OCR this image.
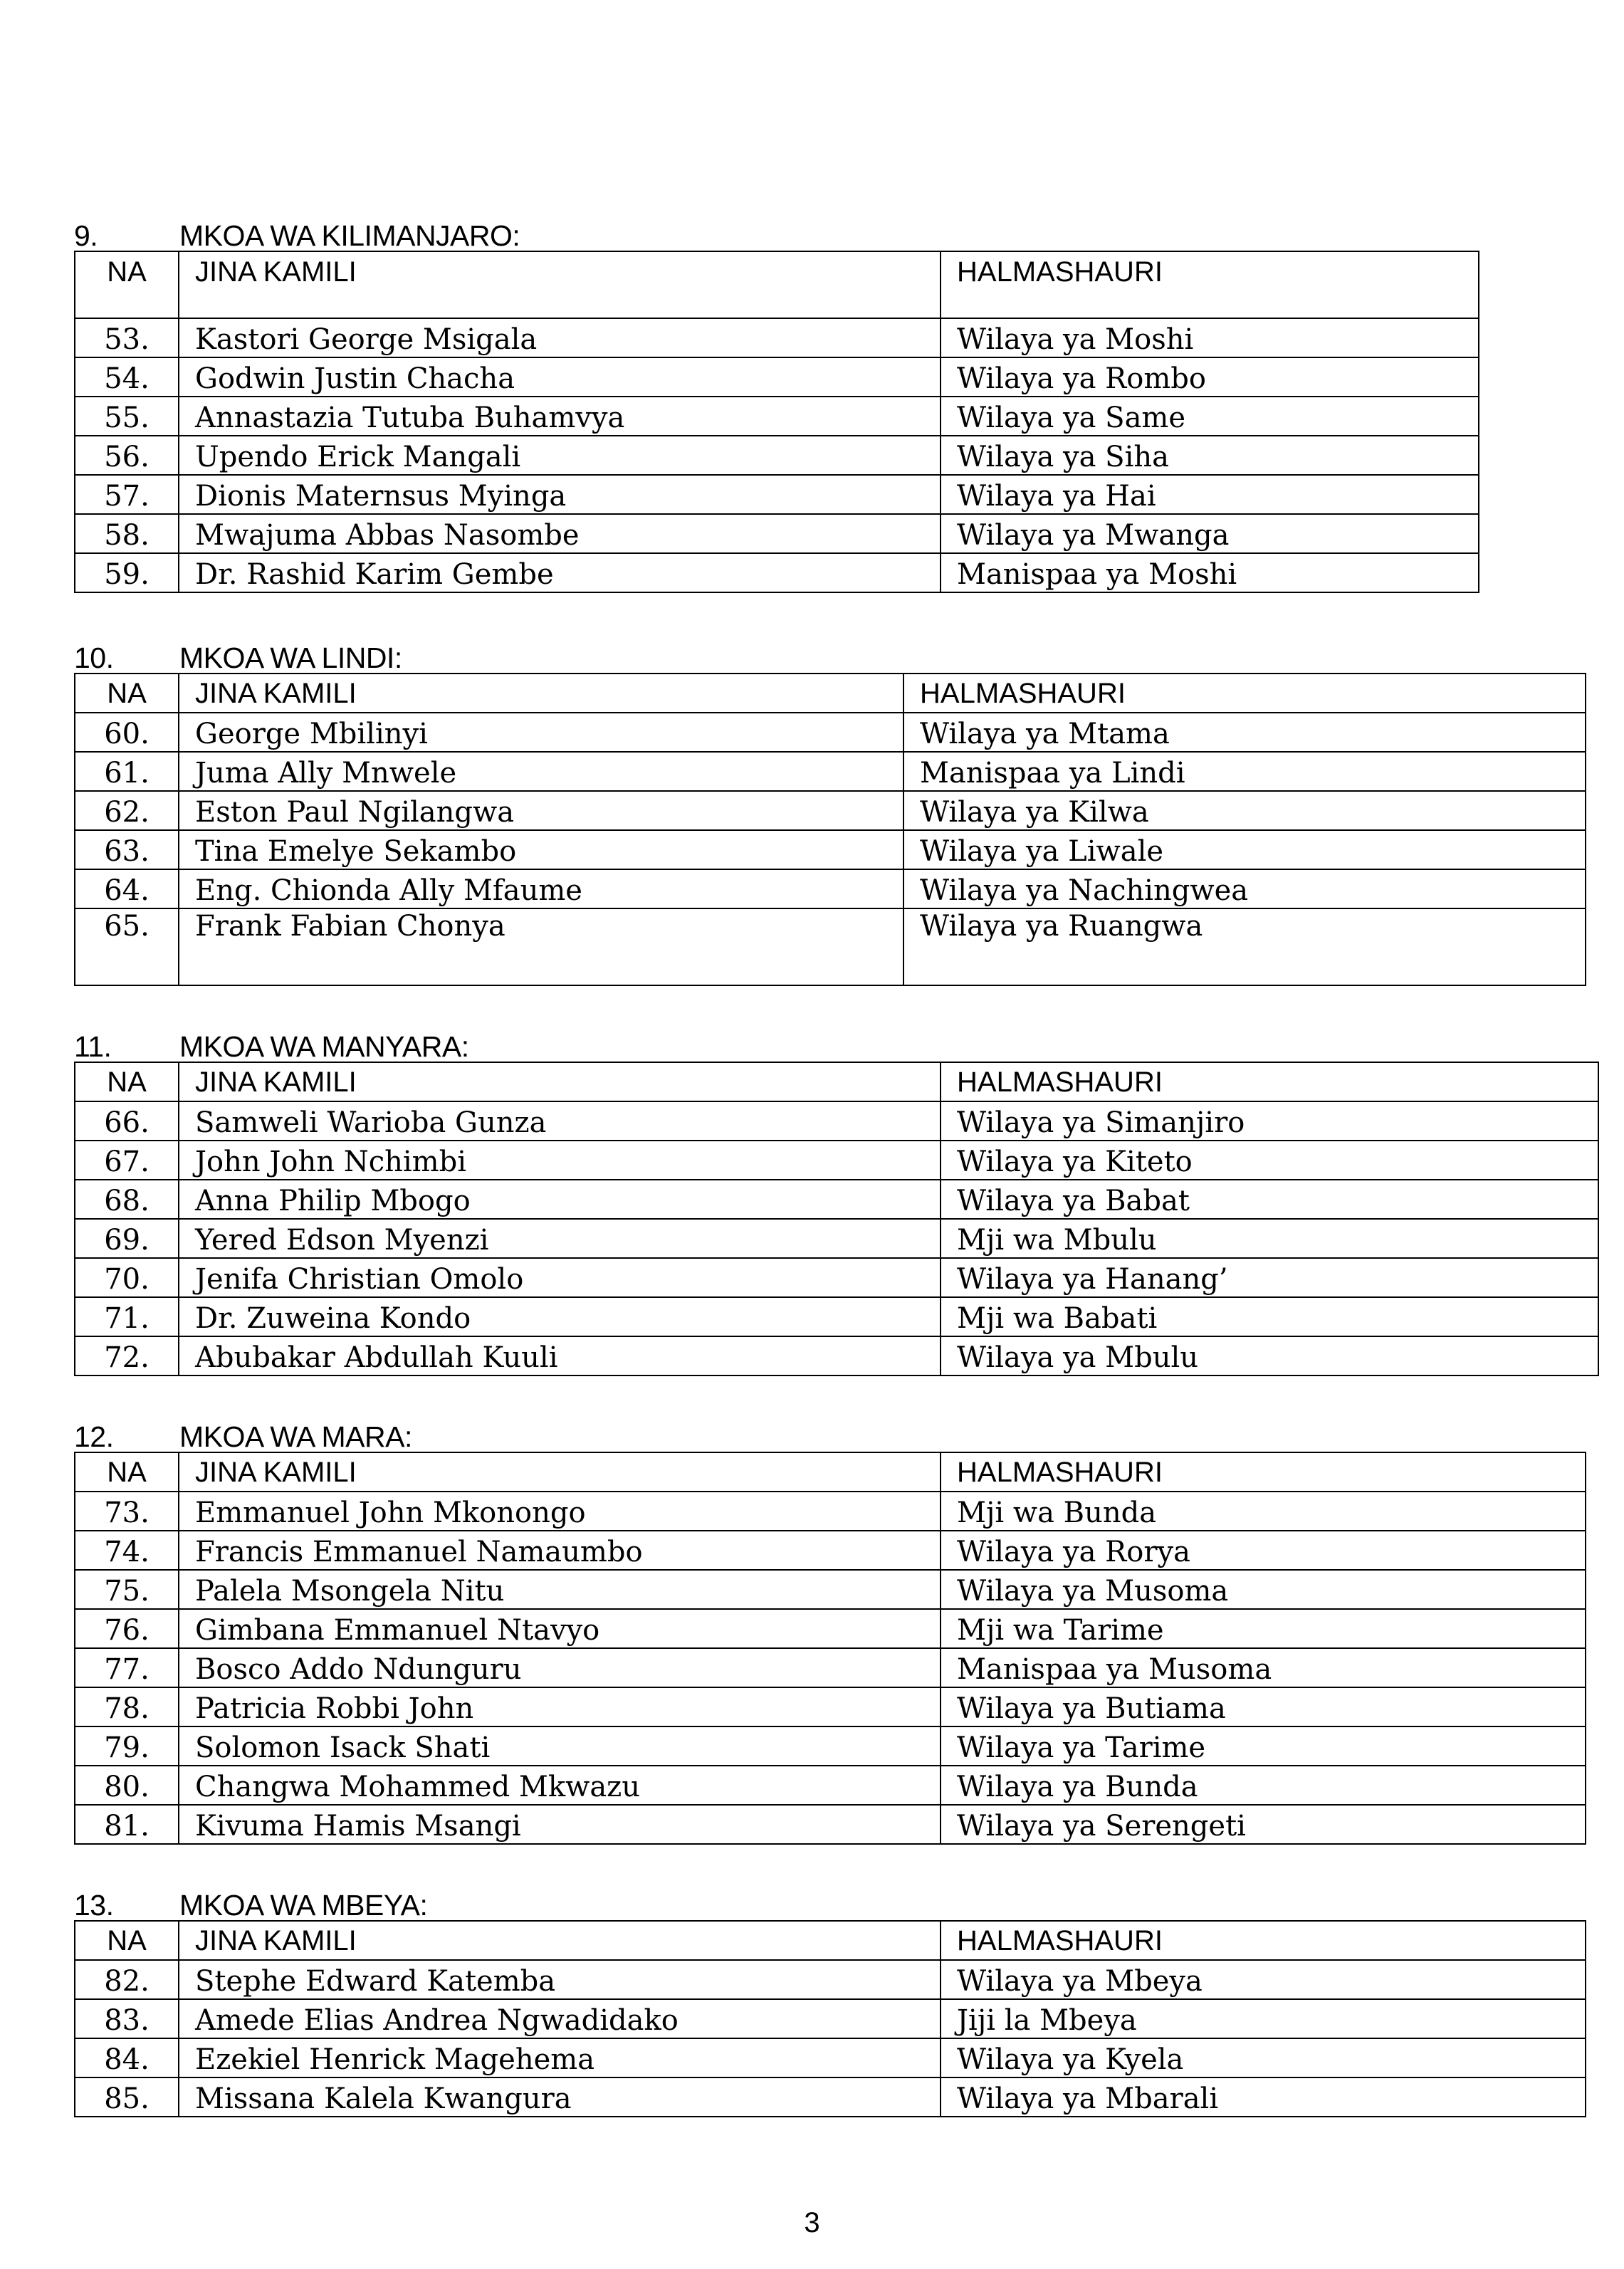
9.	MKOA WA KILIMANJARO:
NA	JINA KAMILI	HALMASHAURI
53.	Kastori George Msigala	Wilaya ya Moshi
54.	Godwin Justin Chacha	Wilaya ya Rombo
55.	Annastazia Tutuba Buhamvya	Wilaya ya Same
56.	Upendo Erick Mangali	Wilaya ya Siha
57.	Dionis Maternsus Myinga	Wilaya ya Hai
58.	Mwajuma Abbas Nasombe	Wilaya ya Mwanga
59.	Dr. Rashid Karim Gembe	Manispaa ya Moshi
10.	MKOA WA LINDI:
NA	JINA KAMILI	HALMASHAURI
60.	George Mbilinyi	Wilaya ya Mtama
61.	Juma Ally Mnwele	Manispaa ya Lindi
62.	Eston Paul Ngilangwa	Wilaya ya Kilwa
63.	Tina Emelye Sekambo	Wilaya ya Liwale
64.	Eng. Chionda Ally Mfaume	Wilaya ya Nachingwea
65.	Frank Fabian Chonya	Wilaya ya Ruangwa
11.	MKOA WA MANYARA:
NA	JINA KAMILI	HALMASHAURI
66.	Samweli Warioba Gunza	Wilaya ya Simanjiro
67.	John John Nchimbi	Wilaya ya Kiteto
68.	Anna Philip Mbogo	Wilaya ya Babat
69.	Yered Edson Myenzi	Mji wa Mbulu
70.	Jenifa Christian Omolo	Wilaya ya Hanang’
71.	Dr. Zuweina Kondo	Mji wa Babati
72.	Abubakar Abdullah Kuuli	Wilaya ya Mbulu
12.	MKOA WA MARA:
NA	JINA KAMILI	HALMASHAURI
73.	Emmanuel John Mkonongo	Mji wa Bunda
74.	Francis Emmanuel Namaumbo	Wilaya ya Rorya
75.	Palela Msongela Nitu	Wilaya ya Musoma
76.	Gimbana Emmanuel Ntavyo	Mji wa Tarime
77.	Bosco Addo Ndunguru	Manispaa ya Musoma
78.	Patricia Robbi John	Wilaya ya Butiama
79.	Solomon Isack Shati	Wilaya ya Tarime
80.	Changwa Mohammed Mkwazu	Wilaya ya Bunda
81.	Kivuma Hamis Msangi	Wilaya ya Serengeti
13.	MKOA WA MBEYA:
NA	JINA KAMILI	HALMASHAURI
82.	Stephe Edward Katemba	Wilaya ya Mbeya
83.	Amede Elias Andrea Ngwadidako	Jiji la Mbeya
84.	Ezekiel Henrick Magehema	Wilaya ya Kyela
85.	Missana Kalela Kwangura	Wilaya ya Mbarali
3
